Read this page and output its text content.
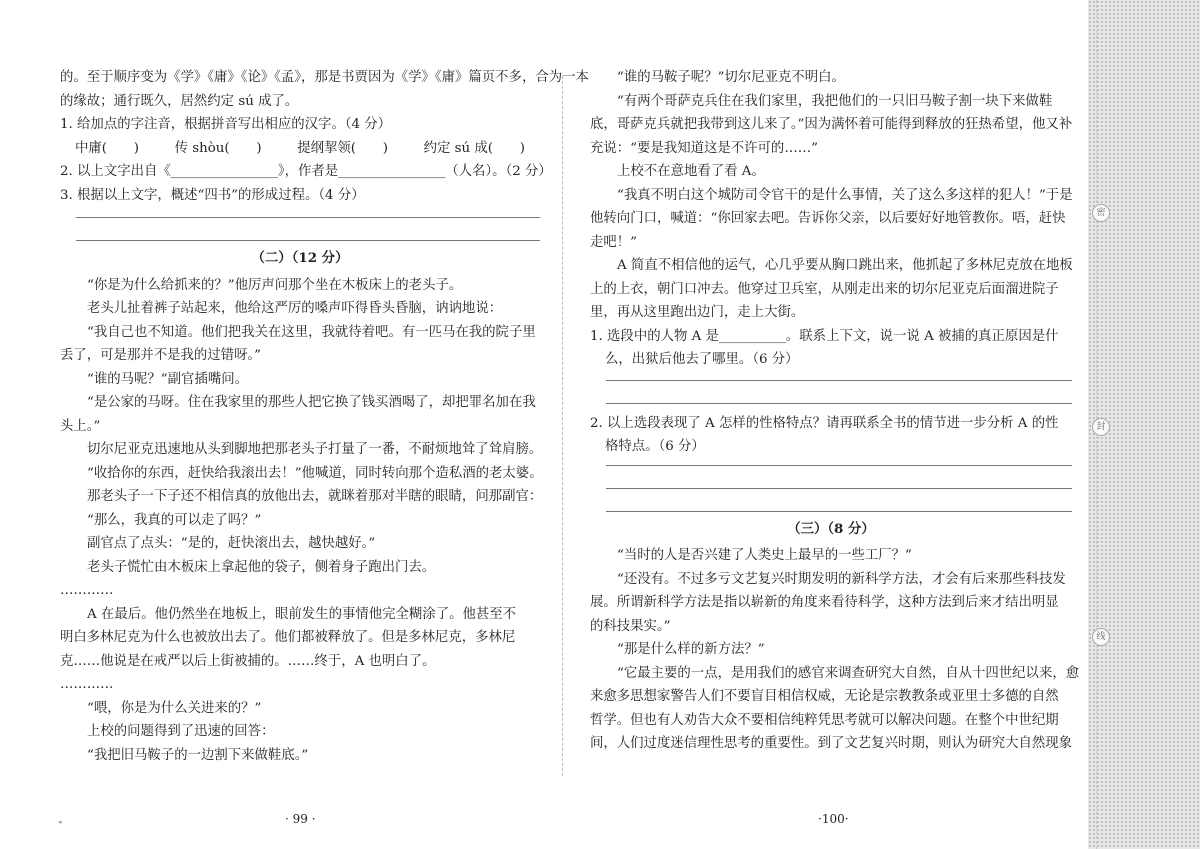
的。至于顺序变为《学》《庸》《论》《孟》，那是书贾因为《学》《庸》篇页不多，合为一本

的缘故；通行既久，居然约定 sú 成了。

1. 给加点的字注音，根据拼音写出相应的汉字。（4 分）

中庸(　　)	传 shòu(　　)	提纲挈领(　　)	约定 sú 成(　　)

2. 以上文字出自《________________》，作者是________________（人名）。（2 分）

3. 根据以上文字，概述“四书”的形成过程。（4 分）

（二）（12 分）

“你是为什么给抓来的？”他厉声问那个坐在木板床上的老头子。

老头儿扯着裤子站起来，他给这严厉的嗓声吓得昏头昏脑，讷讷地说：

“我自己也不知道。他们把我关在这里，我就待着吧。有一匹马在我的院子里

丢了，可是那并不是我的过错呀。”

“谁的马呢？”副官插嘴问。

“是公家的马呀。住在我家里的那些人把它换了钱买酒喝了，却把罪名加在我

头上。”

切尔尼亚克迅速地从头到脚地把那老头子打量了一番，不耐烦地耸了耸肩膀。

“收拾你的东西，赶快给我滚出去！”他喊道，同时转向那个造私酒的老太婆。

那老头子一下子还不相信真的放他出去，就眯着那对半瞎的眼睛，问那副官：

“那么，我真的可以走了吗？”

副官点了点头：“是的，赶快滚出去，越快越好。”

老头子慌忙由木板床上拿起他的袋子，侧着身子跑出门去。

…………

A 在最后。他仍然坐在地板上，眼前发生的事情他完全糊涂了。他甚至不

明白多林尼克为什么也被放出去了。他们都被释放了。但是多林尼克，多林尼

克……他说是在戒严以后上街被捕的。……终于，A 也明白了。

…………

“喂，你是为什么关进来的？”

上校的问题得到了迅速的回答：

“我把旧马鞍子的一边割下来做鞋底。”

◂	· 99 ·

“谁的马鞍子呢？”切尔尼亚克不明白。

“有两个哥萨克兵住在我们家里，我把他们的一只旧马鞍子割一块下来做鞋

底，哥萨克兵就把我带到这儿来了。”因为满怀着可能得到释放的狂热希望，他又补

充说：“要是我知道这是不许可的……”

上校不在意地看了看 A。

“我真不明白这个城防司令官干的是什么事情，关了这么多这样的犯人！”于是

他转向门口，喊道：“你回家去吧。告诉你父亲，以后要好好地管教你。唔，赶快

走吧！”

A 简直不相信他的运气，心几乎要从胸口跳出来，他抓起了多林尼克放在地板

上的上衣，朝门口冲去。他穿过卫兵室，从刚走出来的切尔尼亚克后面溜进院子

里，再从这里跑出边门，走上大街。

1. 选段中的人物 A 是__________。联系上下文，说一说 A 被捕的真正原因是什

么，出狱后他去了哪里。（6 分）

2. 以上选段表现了 A 怎样的性格特点？请再联系全书的情节进一步分析 A 的性

格特点。（6 分）

（三）（8 分）

“当时的人是否兴建了人类史上最早的一些工厂？”

“还没有。不过多亏文艺复兴时期发明的新科学方法，才会有后来那些科技发

展。所谓新科学方法是指以崭新的角度来看待科学，这种方法到后来才结出明显

的科技果实。”

“那是什么样的新方法？”

“它最主要的一点，是用我们的感官来调查研究大自然，自从十四世纪以来，愈

来愈多思想家警告人们不要盲目相信权威，无论是宗教教条或亚里士多德的自然

哲学。但也有人劝告大众不要相信纯粹凭思考就可以解决问题。在整个中世纪期

间，人们过度迷信理性思考的重要性。到了文艺复兴时期，则认为研究大自然现象

·100·
密
封
线
